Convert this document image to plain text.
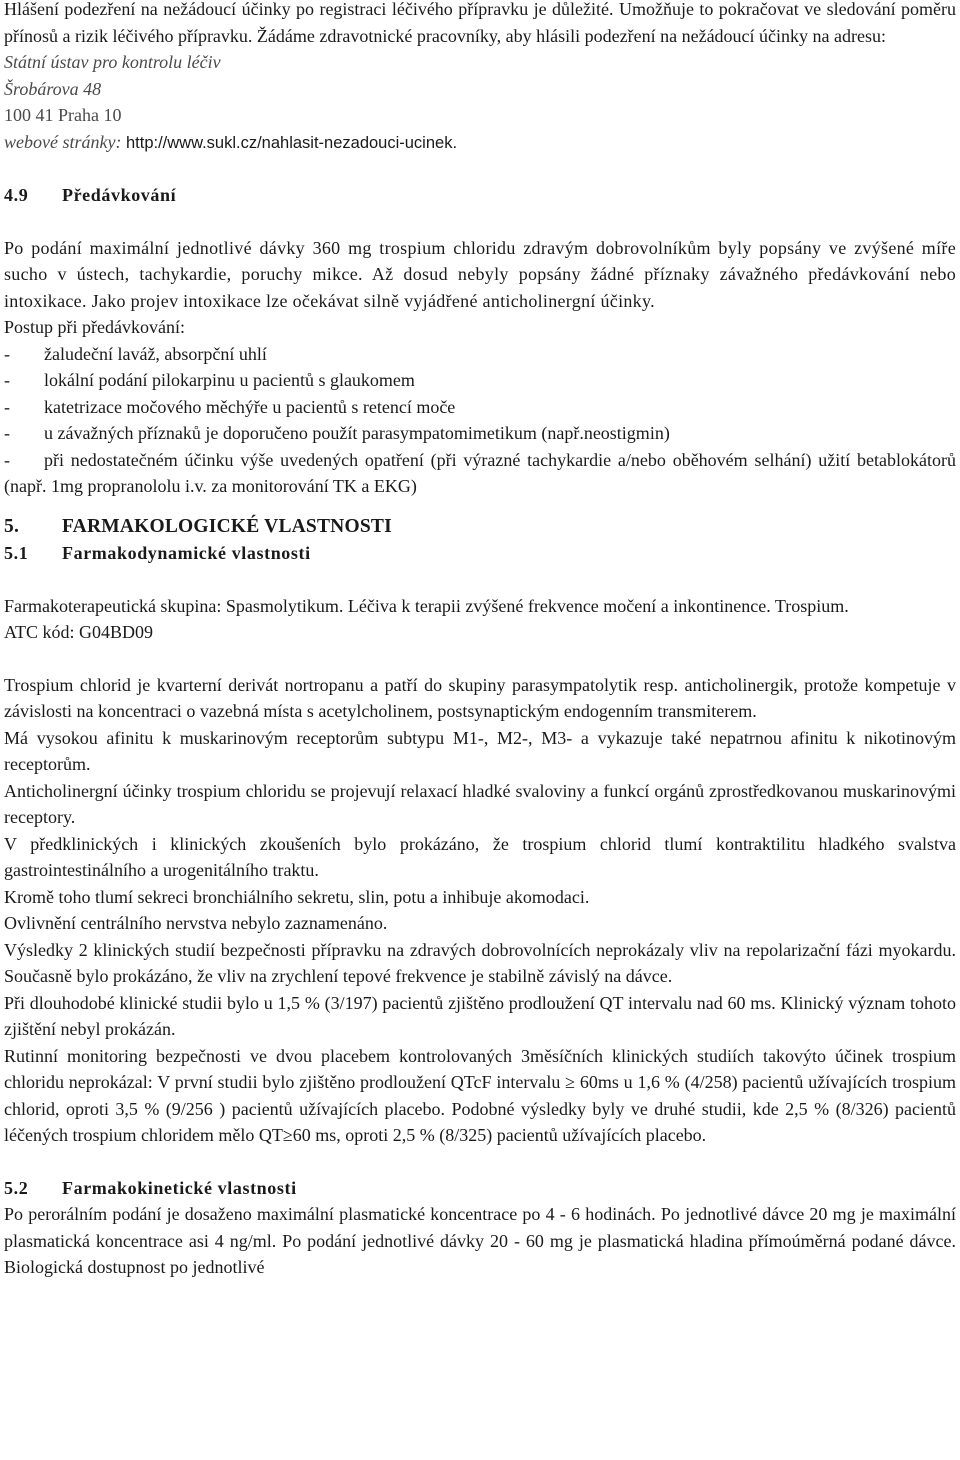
Hlášení podezření na nežádoucí účinky po registraci léčivého přípravku je důležité. Umožňuje to pokračovat ve sledování poměru přínosů a rizik léčivého přípravku. Žádáme zdravotnické pracovníky, aby hlásili podezření na nežádoucí účinky na adresu:

Státní ústav pro kontrolu léčiv

Šrobárova 48

100 41 Praha 10

webové stránky: http://www.sukl.cz/nahlasit-nezadouci-ucinek.

4.9 Předávkování

Po podání maximální jednotlivé dávky 360 mg trospium chloridu zdravým dobrovolníkům byly popsány ve zvýšené míře sucho v ústech, tachykardie, poruchy mikce. Až dosud nebyly popsány žádné příznaky závažného předávkování nebo intoxikace. Jako projev intoxikace lze očekávat silně vyjádřené anticholinergní účinky.

Postup při předávkování:

- žaludeční laváž, absorpční uhlí
- lokální podání pilokarpinu u pacientů s glaukomem
- katetrizace močového měchýře u pacientů s retencí moče
- u závažných příznaků je doporučeno použít parasympatomimetikum (např.neostigmin)
- při nedostatečném účinku výše uvedených opatření (při výrazné tachykardie a/nebo oběhovém selhání) užití betablokátorů (např. 1mg propranololu i.v. za monitorování TK a EKG)
5. FARMAKOLOGICKÉ VLASTNOSTI
5.1 Farmakodynamické vlastnosti

Farmakoterapeutická skupina: Spasmolytikum. Léčiva k terapii zvýšené frekvence močení a inkontinence. Trospium.

ATC kód: G04BD09

Trospium chlorid je kvarterní derivát nortropanu a patří do skupiny parasympatolytik resp. anticholinergik, protože kompetuje v závislosti na koncentraci o vazebná místa s acetylcholinem, postsynaptickým endogenním transmiterem.

Má vysokou afinitu k muskarinovým receptorům subtypu M1-, M2-, M3- a vykazuje také nepatrnou afinitu k nikotinovým receptorům.

Anticholinergní účinky trospium chloridu se projevují relaxací hladké svaloviny a funkcí orgánů zprostředkovanou muskarinovými receptory.

V předklinických i klinických zkoušeních bylo prokázáno, že trospium chlorid tlumí kontraktilitu hladkého svalstva gastrointestinálního a urogenitálního traktu.

Kromě toho tlumí sekreci bronchiálního sekretu, slin, potu a inhibuje akomodaci.

Ovlivnění centrálního nervstva nebylo zaznamenáno.

Výsledky 2 klinických studií bezpečnosti přípravku na zdravých dobrovolnících neprokázaly vliv na repolarizační fázi myokardu. Současně bylo prokázáno, že vliv na zrychlení tepové frekvence je stabilně závislý na dávce.

Při dlouhodobé klinické studii bylo u 1,5 % (3/197) pacientů zjištěno prodloužení QT intervalu nad 60 ms. Klinický význam tohoto zjištění nebyl prokázán.

Rutinní monitoring bezpečnosti ve dvou placebem kontrolovaných 3měsíčních klinických studiích takovýto účinek trospium chloridu neprokázal: V první studii bylo zjištěno prodloužení QTcF intervalu ≥ 60ms u 1,6 % (4/258) pacientů užívajících trospium chlorid, oproti 3,5 % (9/256 ) pacientů užívajících placebo. Podobné výsledky byly ve druhé studii, kde 2,5 % (8/326) pacientů léčených trospium chloridem mělo QT≥60 ms, oproti 2,5 % (8/325) pacientů užívajících placebo.

5.2 Farmakokinetické vlastnosti

Po perorálním podání je dosaženo maximální plasmatické koncentrace po 4 - 6 hodinách. Po jednotlivé dávce 20 mg je maximální plasmatická koncentrace asi 4 ng/ml. Po podání jednotlivé dávky 20 - 60 mg je plasmatická hladina přímoúměrná podané dávce. Biologická dostupnost po jednotlivé
